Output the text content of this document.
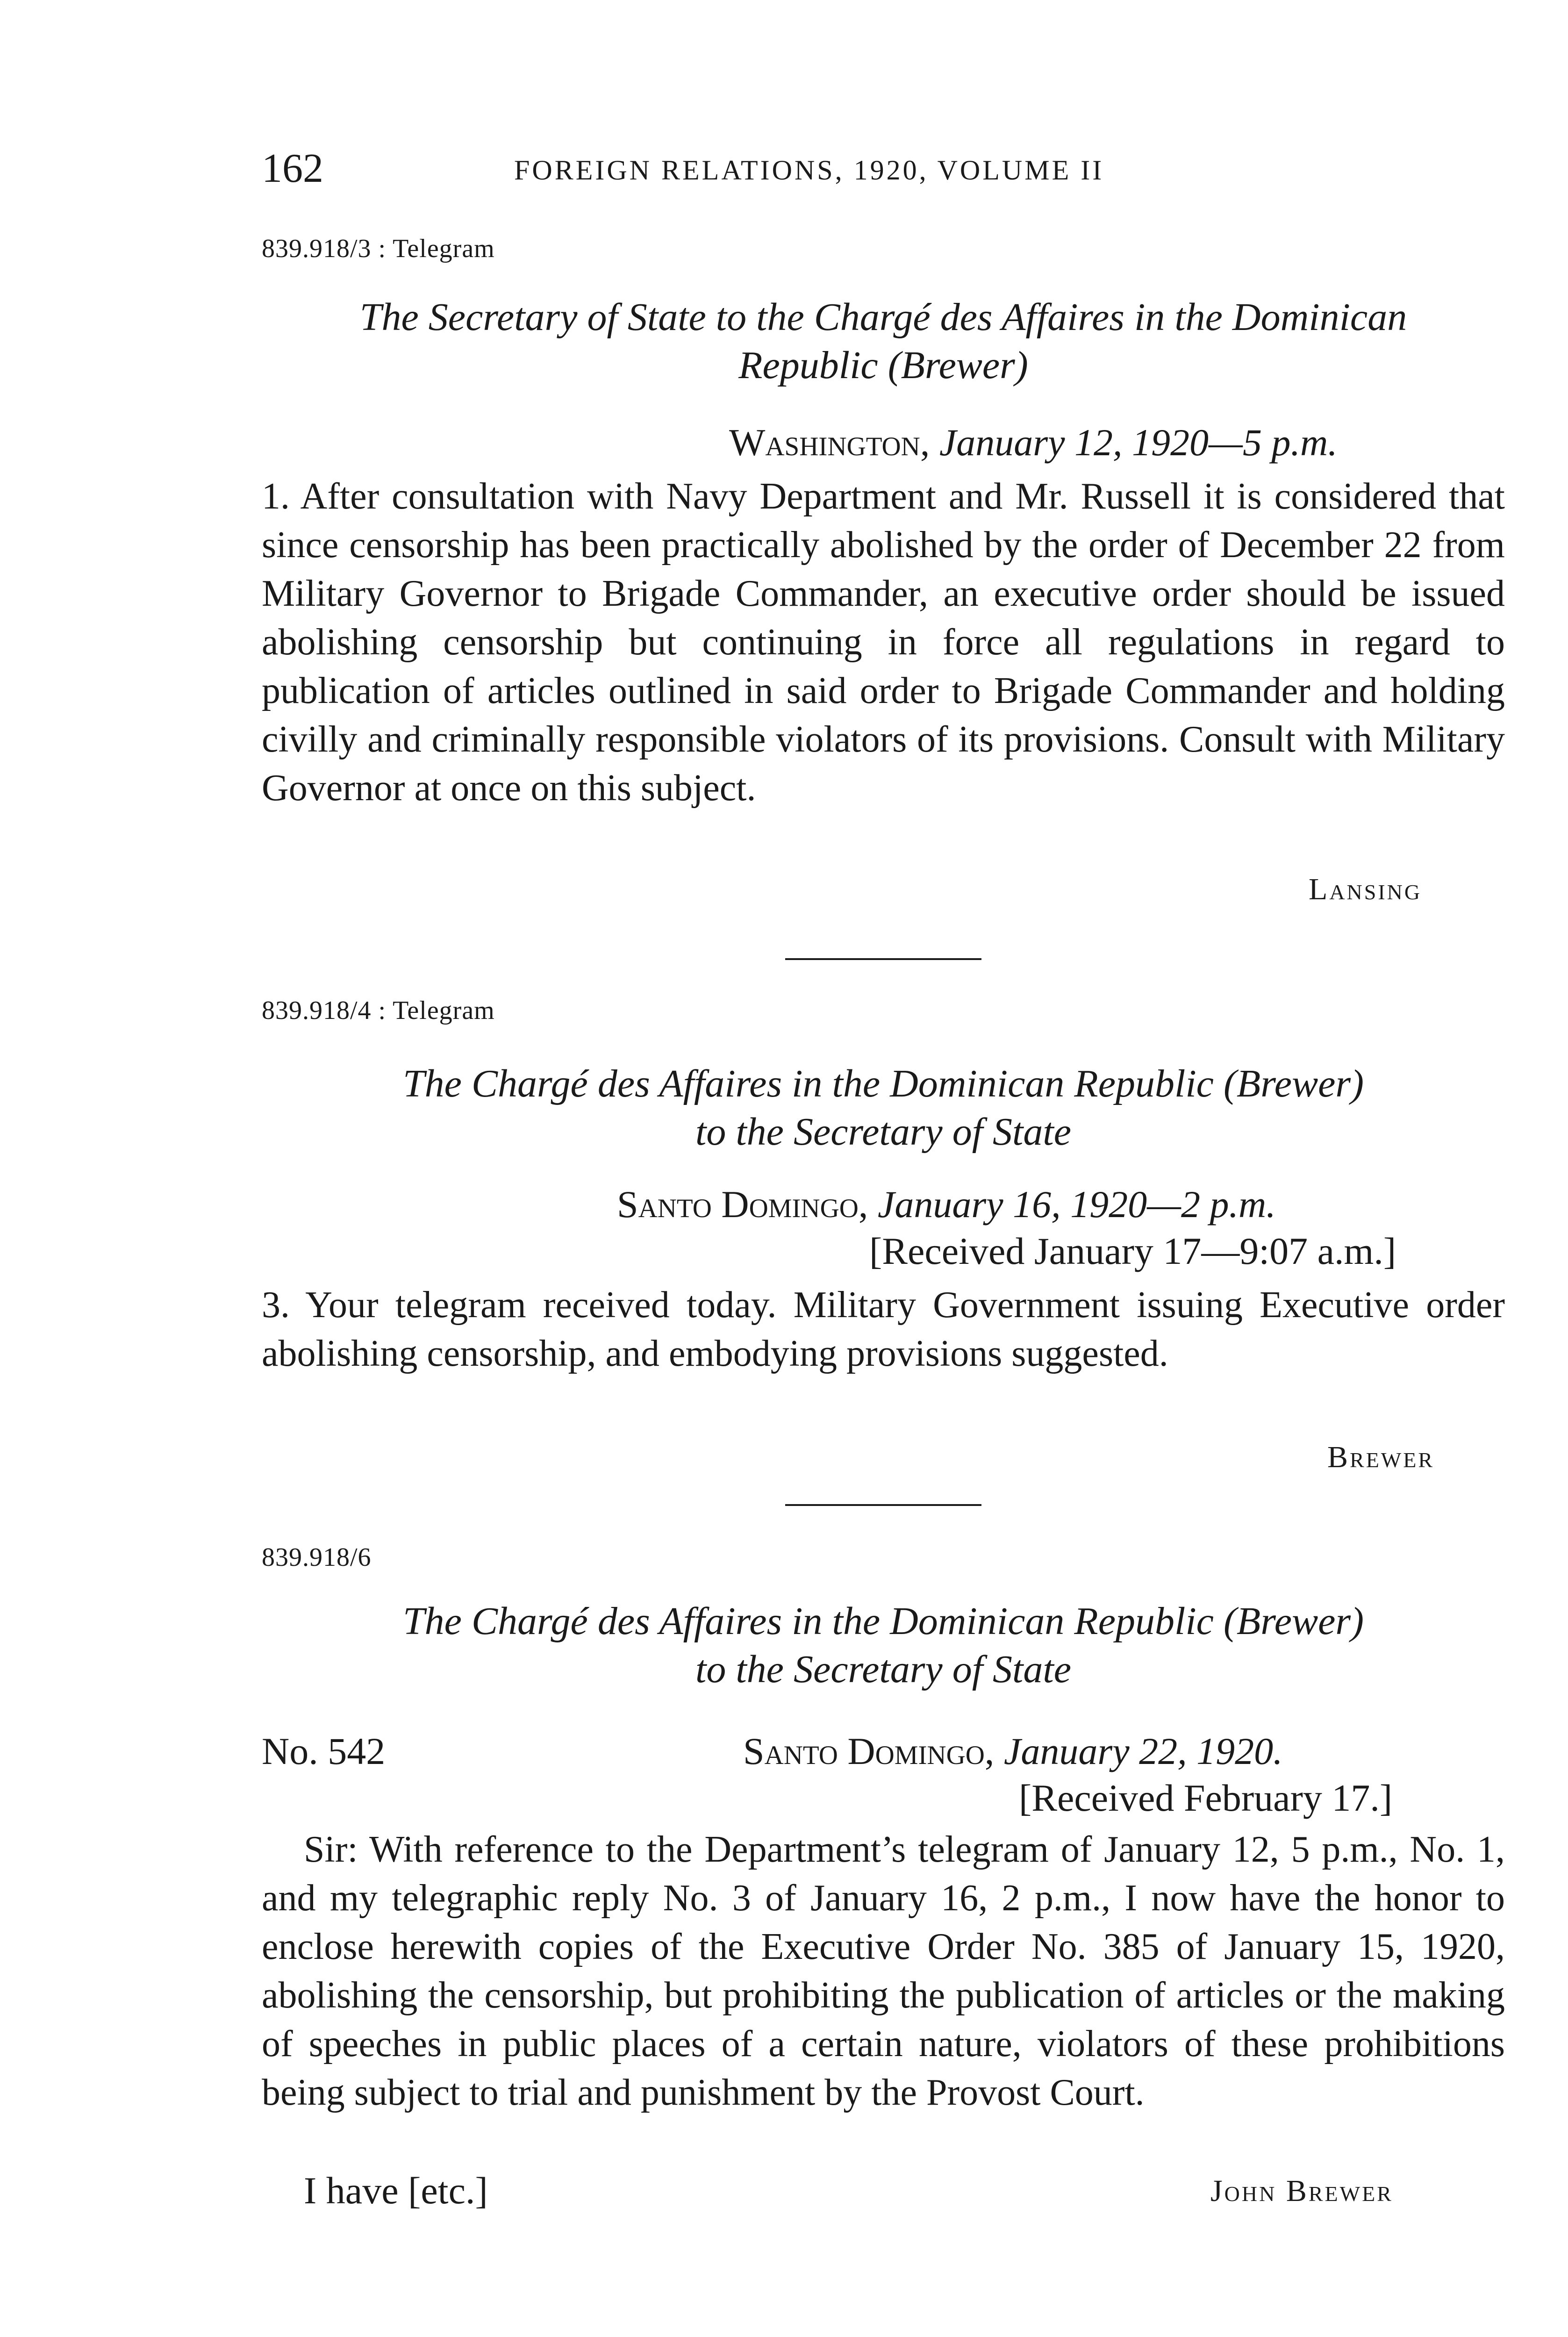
162	FOREIGN RELATIONS, 1920, VOLUME II
839.918/3 : Telegram
The Secretary of State to the Chargé des Affaires in the Dominican
Republic (Brewer)
Washington, January 12, 1920—5 p.m.

1. After consultation with Navy Department and Mr. Russell it is considered that since censorship has been practically abolished by the order of December 22 from Military Governor to Brigade Commander, an executive order should be issued abolishing censorship but continuing in force all regulations in regard to publication of articles outlined in said order to Brigade Commander and holding civilly and criminally responsible violators of its provisions. Consult with Military Governor at once on this subject.

Lansing
839.918/4 : Telegram
The Chargé des Affaires in the Dominican Republic (Brewer)
to the Secretary of State
Santo Domingo, January 16, 1920—2 p.m.
[Received January 17—9:07 a.m.]

3. Your telegram received today. Military Government issuing Executive order abolishing censorship, and embodying provisions suggested.

Brewer
839.918/6
The Chargé des Affaires in the Dominican Republic (Brewer)
to the Secretary of State
No. 542	Santo Domingo, January 22, 1920.
[Received February 17.]

Sir: With reference to the Department’s telegram of January 12, 5 p.m., No. 1, and my telegraphic reply No. 3 of January 16, 2 p.m., I now have the honor to enclose herewith copies of the Executive Order No. 385 of January 15, 1920, abolishing the censorship, but prohibiting the publication of articles or the making of speeches in public places of a certain nature, violators of these prohibitions being subject to trial and punishment by the Provost Court.

I have [etc.]	John Brewer
